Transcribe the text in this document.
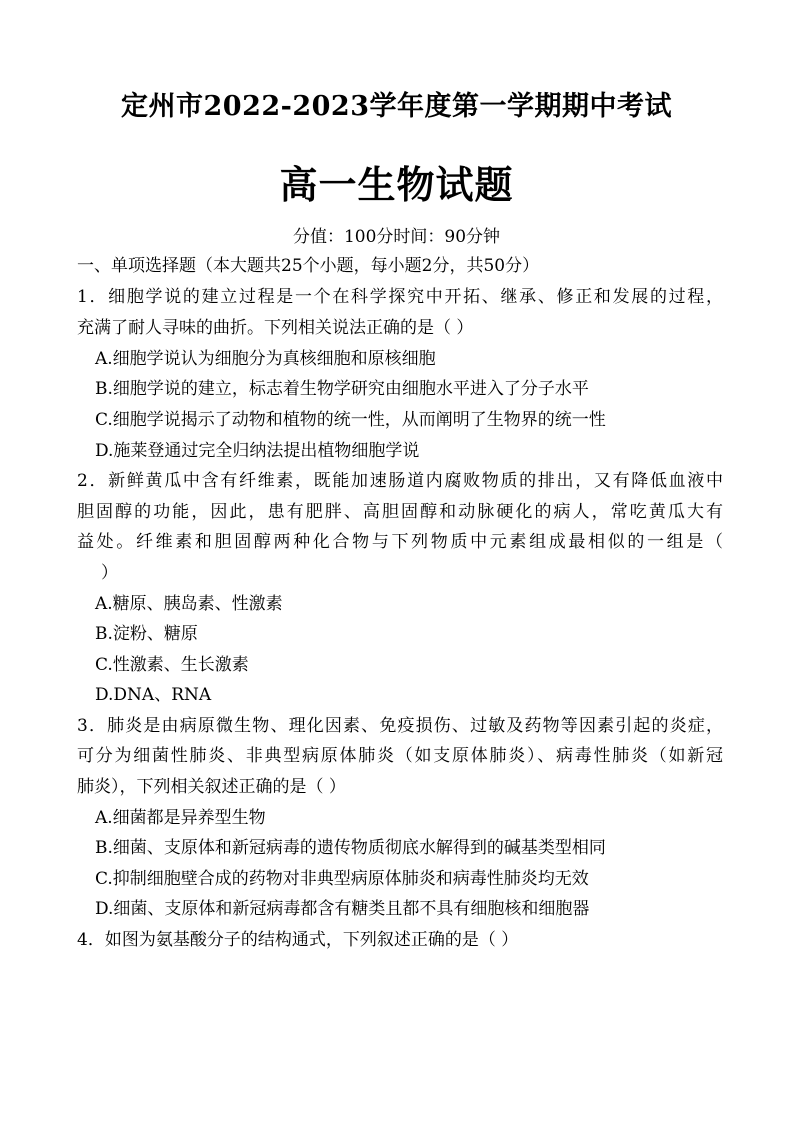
定州市2022-2023学年度第一学期期中考试
高一生物试题
分值：100分时间：90分钟
一、单项选择题（本大题共25个小题，每小题2分，共50分）
1．细胞学说的建立过程是一个在科学探究中开拓、继承、修正和发展的过程，
充满了耐人寻味的曲折。下列相关说法正确的是（ ）
A.细胞学说认为细胞分为真核细胞和原核细胞
B.细胞学说的建立，标志着生物学研究由细胞水平进入了分子水平
C.细胞学说揭示了动物和植物的统一性，从而阐明了生物界的统一性
D.施莱登通过完全归纳法提出植物细胞学说
2．新鲜黄瓜中含有纤维素，既能加速肠道内腐败物质的排出，又有降低血液中
胆固醇的功能，因此，患有肥胖、高胆固醇和动脉硬化的病人，常吃黄瓜大有
益处。纤维素和胆固醇两种化合物与下列物质中元素组成最相似的一组是（
）
A.糖原、胰岛素、性激素
B.淀粉、糖原
C.性激素、生长激素
D.DNA、RNA
3．肺炎是由病原微生物、理化因素、免疫损伤、过敏及药物等因素引起的炎症，
可分为细菌性肺炎、非典型病原体肺炎（如支原体肺炎）、病毒性肺炎（如新冠
肺炎），下列相关叙述正确的是（ ）
A.细菌都是异养型生物
B.细菌、支原体和新冠病毒的遗传物质彻底水解得到的碱基类型相同
C.抑制细胞壁合成的药物对非典型病原体肺炎和病毒性肺炎均无效
D.细菌、支原体和新冠病毒都含有糖类且都不具有细胞核和细胞器
4．如图为氨基酸分子的结构通式，下列叙述正确的是（ ）
